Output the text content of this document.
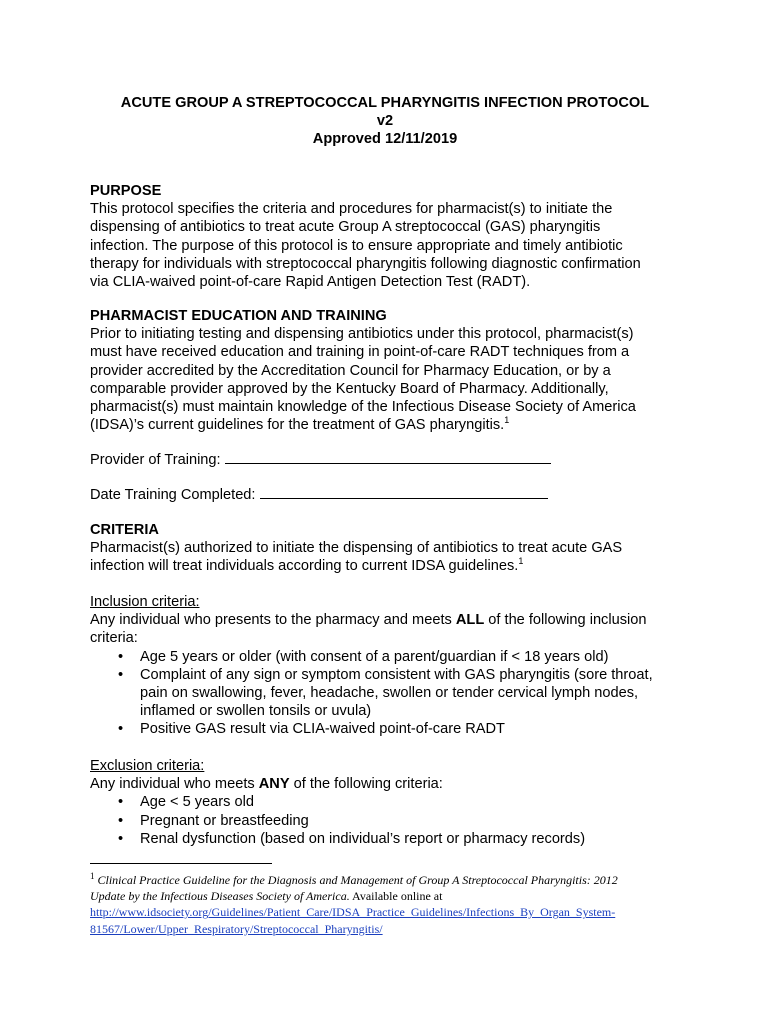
ACUTE GROUP A STREPTOCOCCAL PHARYNGITIS INFECTION PROTOCOL
v2
Approved 12/11/2019
PURPOSE
This protocol specifies the criteria and procedures for pharmacist(s) to initiate the
dispensing of antibiotics to treat acute Group A streptococcal (GAS) pharyngitis
infection. The purpose of this protocol is to ensure appropriate and timely antibiotic
therapy for individuals with streptococcal pharyngitis following diagnostic confirmation
via CLIA-waived point-of-care Rapid Antigen Detection Test (RADT).
PHARMACIST EDUCATION AND TRAINING
Prior to initiating testing and dispensing antibiotics under this protocol, pharmacist(s)
must have received education and training in point-of-care RADT techniques from a
provider accredited by the Accreditation Council for Pharmacy Education, or by a
comparable provider approved by the Kentucky Board of Pharmacy. Additionally,
pharmacist(s) must maintain knowledge of the Infectious Disease Society of America
(IDSA)’s current guidelines for the treatment of GAS pharyngitis.$^1$
Provider of Training:
Date Training Completed:
CRITERIA
Pharmacist(s) authorized to initiate the dispensing of antibiotics to treat acute GAS
infection will treat individuals according to current IDSA guidelines.$^1$
Inclusion criteria:
Any individual who presents to the pharmacy and meets ALL of the following inclusion
criteria:
• Age 5 years or older (with consent of a parent/guardian if < 18 years old)
• Complaint of any sign or symptom consistent with GAS pharyngitis (sore throat,
pain on swallowing, fever, headache, swollen or tender cervical lymph nodes,
inflamed or swollen tonsils or uvula)
• Positive GAS result via CLIA-waived point-of-care RADT
Exclusion criteria:
Any individual who meets ANY of the following criteria:
• Age < 5 years old
• Pregnant or breastfeeding
• Renal dysfunction (based on individual’s report or pharmacy records)
$^1$ Clinical Practice Guideline for the Diagnosis and Management of Group A Streptococcal Pharyngitis: 2012
Update by the Infectious Diseases Society of America. Available online at
http://www.idsociety.org/Guidelines/Patient_Care/IDSA_Practice_Guidelines/Infections_By_Organ_System-
81567/Lower/Upper_Respiratory/Streptococcal_Pharyngitis/
